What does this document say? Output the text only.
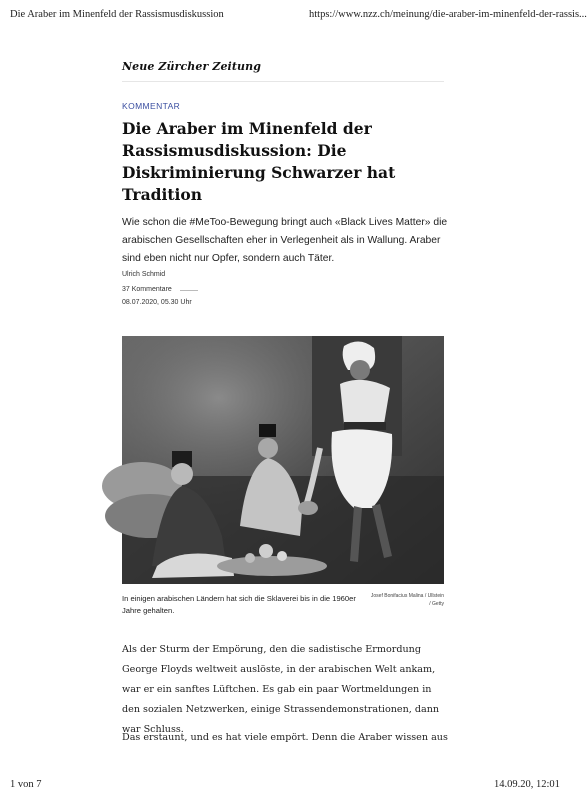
Die Araber im Minenfeld der Rassismusdiskussion	https://www.nzz.ch/meinung/die-araber-im-minenfeld-der-rassis...
Neue Zürcher Zeitung
KOMMENTAR
Die Araber im Minenfeld der Rassismusdiskussion: Die Diskriminierung Schwarzer hat Tradition

Wie schon die #MeToo-Bewegung bringt auch «Black Lives Matter» die arabischen Gesellschaften eher in Verlegenheit als in Wallung. Araber sind eben nicht nur Opfer, sondern auch Täter.

Ulrich Schmid
37 Kommentare
08.07.2020, 05.30 Uhr

In einigen arabischen Ländern hat sich die Sklaverei bis in die 1960er Jahre gehalten.

Josef Bonifacius Malina / Ullstein / Getty

Als der Sturm der Empörung, den die sadistische Ermordung George Floyds weltweit auslöste, in der arabischen Welt ankam, war er ein sanftes Lüftchen. Es gab ein paar Wortmeldungen in den sozialen Netzwerken, einige Strassendemonstrationen, dann war Schluss.

Das erstaunt, und es hat viele empört. Denn die Araber wissen aus

1 von 7	14.09.20, 12:01
